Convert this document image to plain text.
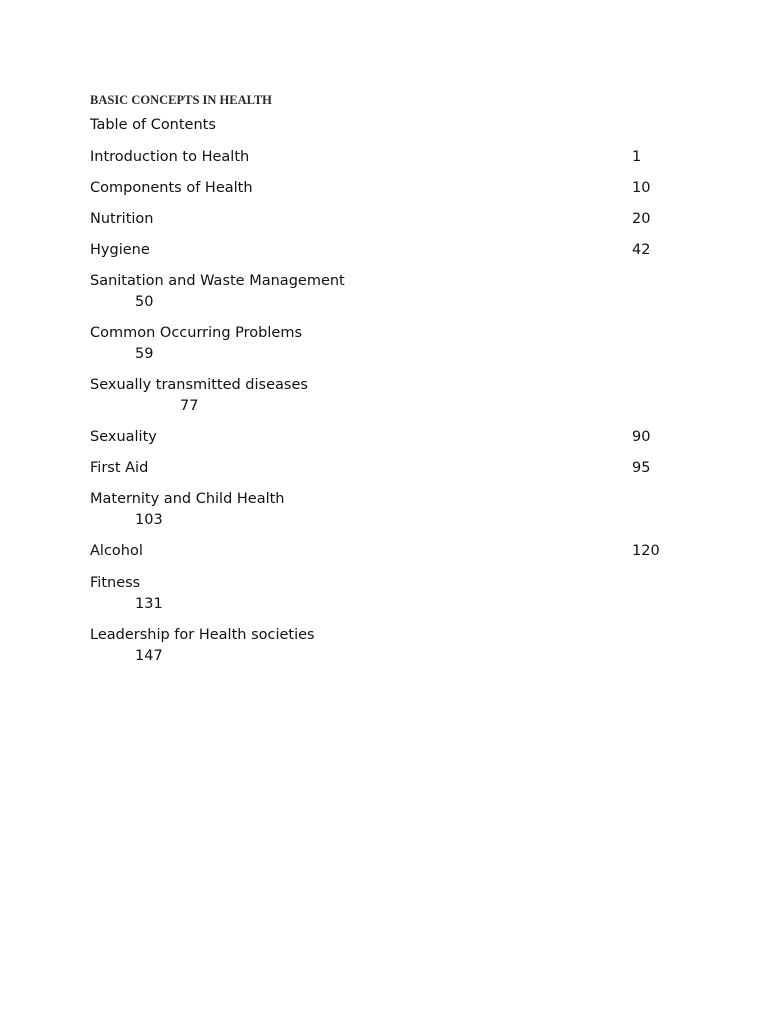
BASIC CONCEPTS IN HEALTH
Table of Contents
Introduction to Health	1
Components of Health	10
Nutrition	20
Hygiene	42
Sanitation and Waste Management
50
Common Occurring Problems
59
Sexually transmitted diseases
77
Sexuality	90
First Aid	95
Maternity and Child Health
103
Alcohol	120
Fitness
131
Leadership for Health societies
147
